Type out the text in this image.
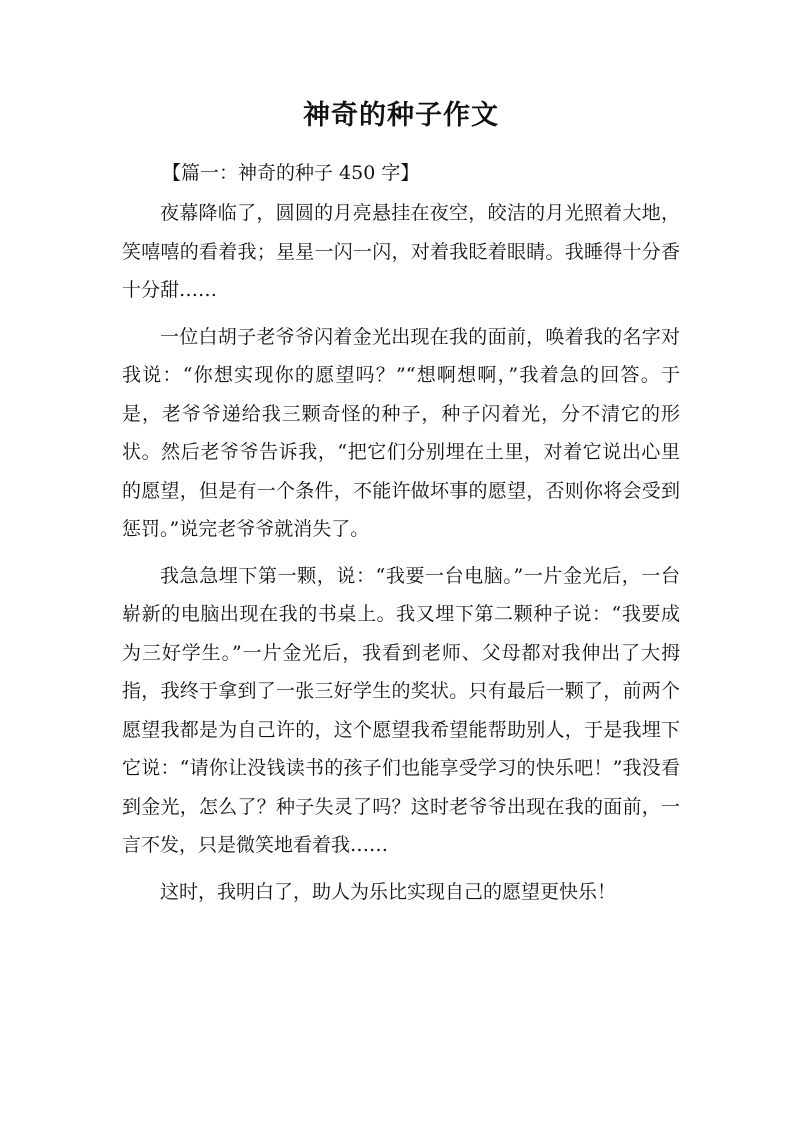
神奇的种子作文
【篇一：神奇的种子 450 字】

夜幕降临了，圆圆的月亮悬挂在夜空，皎洁的月光照着大地，笑嘻嘻的看着我；星星一闪一闪，对着我眨着眼睛。我睡得十分香十分甜……

一位白胡子老爷爷闪着金光出现在我的面前，唤着我的名字对我说：“你想实现你的愿望吗？”“想啊想啊，”我着急的回答。于是，老爷爷递给我三颗奇怪的种子，种子闪着光，分不清它的形状。然后老爷爷告诉我，“把它们分别埋在土里，对着它说出心里的愿望，但是有一个条件，不能许做坏事的愿望，否则你将会受到惩罚。”说完老爷爷就消失了。

我急急埋下第一颗，说：“我要一台电脑。”一片金光后，一台崭新的电脑出现在我的书桌上。我又埋下第二颗种子说：“我要成为三好学生。”一片金光后，我看到老师、父母都对我伸出了大拇指，我终于拿到了一张三好学生的奖状。只有最后一颗了，前两个愿望我都是为自己许的，这个愿望我希望能帮助别人，于是我埋下它说：“请你让没钱读书的孩子们也能享受学习的快乐吧！”我没看到金光，怎么了？种子失灵了吗？这时老爷爷出现在我的面前，一言不发，只是微笑地看着我……

这时，我明白了，助人为乐比实现自己的愿望更快乐！
